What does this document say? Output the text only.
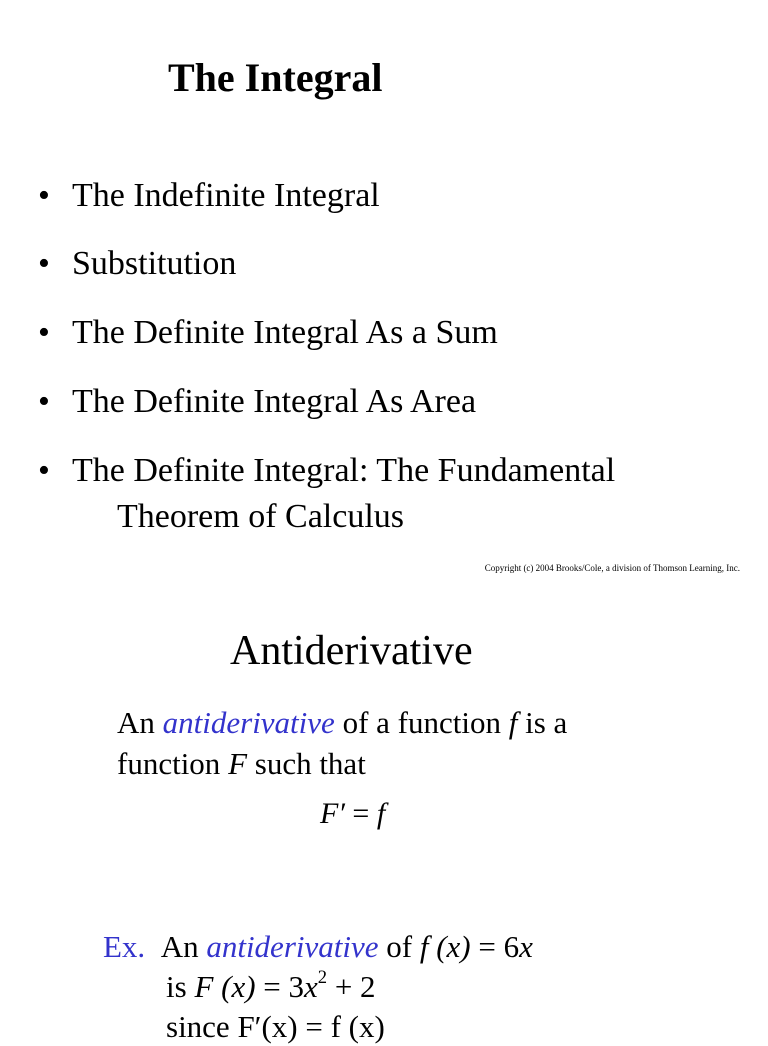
The Integral
• The Indefinite Integral
• Substitution
• The Definite Integral As a Sum
• The Definite Integral As Area
• The Definite Integral: The Fundamental
Theorem of Calculus
Copyright (c) 2004 Brooks/Cole, a division of Thomson Learning, Inc.
Antiderivative
An antiderivative of a function f is a
function F such that
F′ = f
Ex. An antiderivative of f (x) = 6x
is F $(x) = 3x^2 + 2$
since F′(x) = f (x)
